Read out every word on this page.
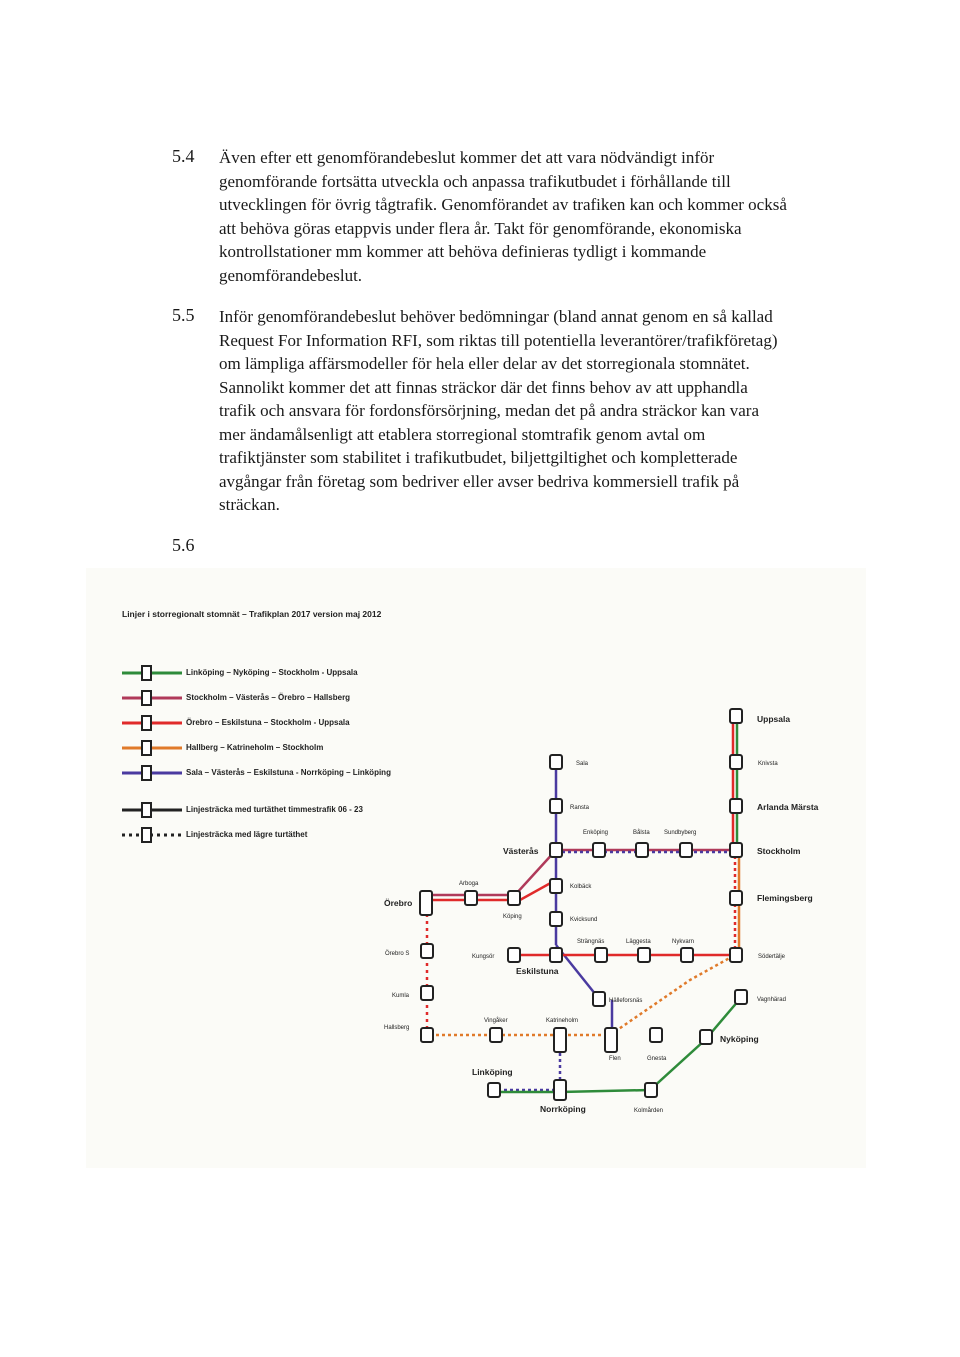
5.4 Även efter ett genomförandebeslut kommer det att vara nödvändigt inför
genomförande fortsätta utveckla och anpassa trafikutbudet i förhållande till
utvecklingen för övrig tågtrafik. Genomförandet av trafiken kan och kommer också
att behöva göras etappvis under flera år. Takt för genomförande, ekonomiska
kontrollstationer mm kommer att behöva definieras tydligt i kommande
genomförandebeslut.
5.5 Inför genomförandebeslut behöver bedömningar (bland annat genom en så kallad
Request For Information RFI, som riktas till potentiella leverantörer/trafikföretag)
om lämpliga affärsmodeller för hela eller delar av det storregionala stomnätet.
Sannolikt kommer det att finnas sträckor där det finns behov av att upphandla
trafik och ansvara för fordonsförsörjning, medan det på andra sträckor kan vara
mer ändamålsenligt att etablera storregional stomtrafik genom avtal om
trafiktjänster som stabilitet i trafikutbudet, biljettgiltighet och kompletterade
avgångar från företag som bedriver eller avser bedriva kommersiell trafik på
sträckan.
5.6
Linjer i storregionalt stomnät – Trafikplan 2017 version maj 2012
Linköping – Nyköping – Stockholm - Uppsala
Stockholm – Västerås – Örebro – Hallsberg
Örebro – Eskilstuna – Stockholm - Uppsala
Hallberg – Katrineholm – Stockholm
Sala – Västerås – Eskilstuna - Norrköping – Linköping
Linjesträcka med turtäthet timmestrafik 06 - 23
Linjesträcka med lägre turtäthet
Uppsala
Knivsta
Arlanda Märsta
Stockholm
Flemingsberg
Södertälje
Vagnhärad
Nyköping
Sala
Ransta
Enköping	Bålsta Sundbyberg
Västerås
Arboga	Kolbäck
Köping	Kvicksund
Strängnäs	Läggesta	Nykvarn
Örebro
Örebro S	Kungsör
Eskilstuna
Kumla
Hälleforsnäs
Hallsberg
Vingåker	Katrineholm
Flen	Gnesta
Linköping
Norrköping	Kolmården
